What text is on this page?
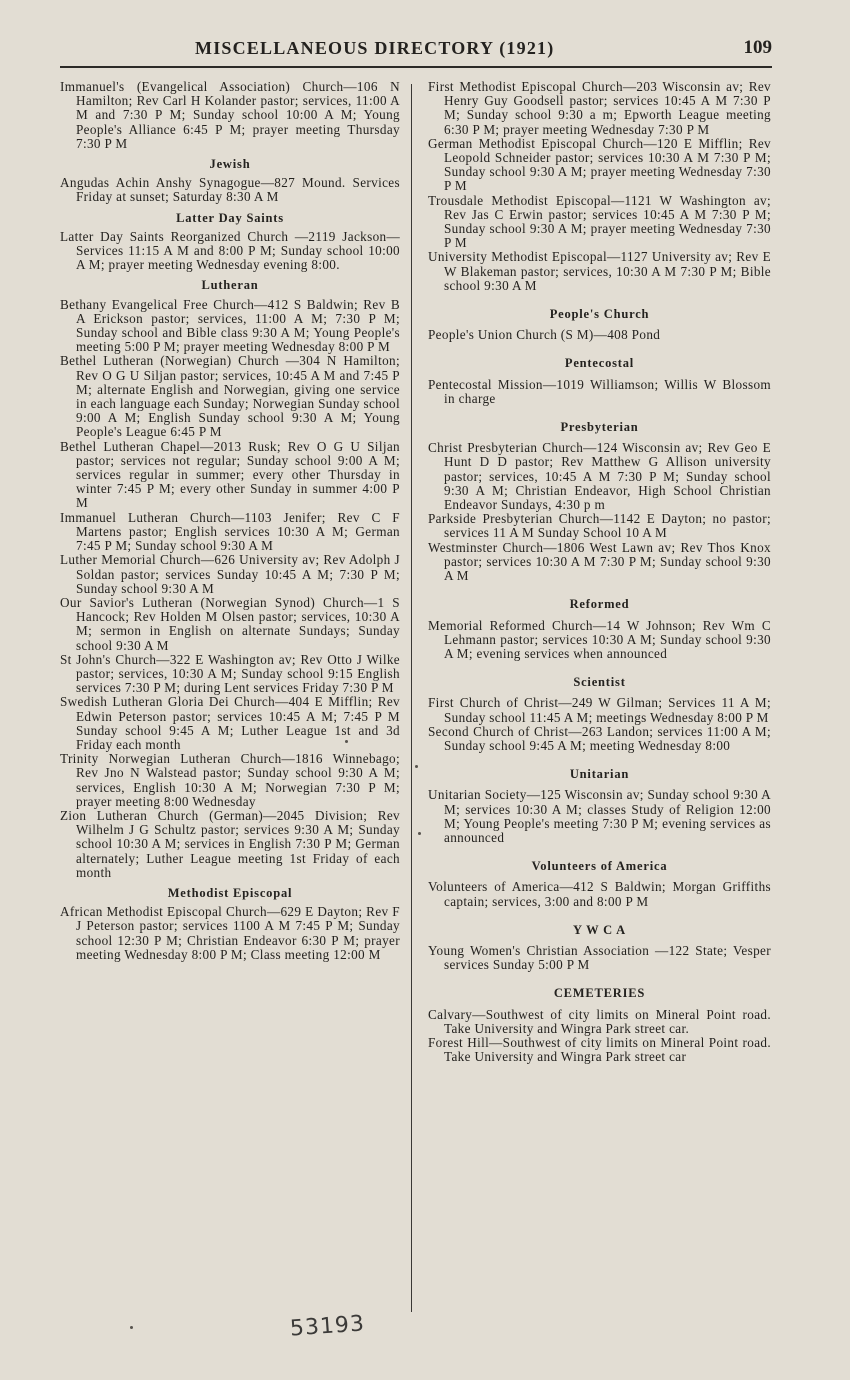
MISCELLANEOUS DIRECTORY (1921)	109
Immanuel's (Evangelical Association) Church—106 N Hamilton; Rev Carl H Kolander pastor; services, 11:00 A M and 7:30 P M; Sunday school 10:00 A M; Young People's Alliance 6:45 P M; prayer meeting Thursday 7:30 P M
Jewish
Angudas Achin Anshy Synagogue—827 Mound. Services Friday at sunset; Saturday 8:30 A M
Latter Day Saints
Latter Day Saints Reorganized Church —2119 Jackson—Services 11:15 A M and 8:00 P M; Sunday school 10:00 A M; prayer meeting Wednesday evening 8:00.
Lutheran
Bethany Evangelical Free Church—412 S Baldwin; Rev B A Erickson pastor; services, 11:00 A M; 7:30 P M; Sunday school and Bible class 9:30 A M; Young People's meeting 5:00 P M; prayer meeting Wednesday 8:00 P M
Bethel Lutheran (Norwegian) Church —304 N Hamilton; Rev O G U Siljan pastor; services, 10:45 A M and 7:45 P M; alternate English and Norwegian, giving one service in each language each Sunday; Norwegian Sunday school 9:00 A M; English Sunday school 9:30 A M; Young People's League 6:45 P M
Bethel Lutheran Chapel—2013 Rusk; Rev O G U Siljan pastor; services not regular; Sunday school 9:00 A M; services regular in summer; every other Thursday in winter 7:45 P M; every other Sunday in summer 4:00 P M
Immanuel Lutheran Church—1103 Jenifer; Rev C F Martens pastor; English services 10:30 A M; German 7:45 P M; Sunday school 9:30 A M
Luther Memorial Church—626 University av; Rev Adolph J Soldan pastor; services Sunday 10:45 A M; 7:30 P M; Sunday school 9:30 A M
Our Savior's Lutheran (Norwegian Synod) Church—1 S Hancock; Rev Holden M Olsen pastor; services, 10:30 A M; sermon in English on alternate Sundays; Sunday school 9:30 A M
St John's Church—322 E Washington av; Rev Otto J Wilke pastor; services, 10:30 A M; Sunday school 9:15 English services 7:30 P M; during Lent services Friday 7:30 P M
Swedish Lutheran Gloria Dei Church—404 E Mifflin; Rev Edwin Peterson pastor; services 10:45 A M; 7:45 P M Sunday school 9:45 A M; Luther League 1st and 3d Friday each month
Trinity Norwegian Lutheran Church—1816 Winnebago; Rev Jno N Walstead pastor; Sunday school 9:30 A M; services, English 10:30 A M; Norwegian 7:30 P M; prayer meeting 8:00 Wednesday
Zion Lutheran Church (German)—2045 Division; Rev Wilhelm J G Schultz pastor; services 9:30 A M; Sunday school 10:30 A M; services in English 7:30 P M; German alternately; Luther League meeting 1st Friday of each month
Methodist Episcopal
African Methodist Episcopal Church—629 E Dayton; Rev F J Peterson pastor; services 1100 A M 7:45 P M; Sunday school 12:30 P M; Christian Endeavor 6:30 P M; prayer meeting Wednesday 8:00 P M; Class meeting 12:00 M
First Methodist Episcopal Church—203 Wisconsin av; Rev Henry Guy Goodsell pastor; services 10:45 A M 7:30 P M; Sunday school 9:30 a m; Epworth League meeting 6:30 P M; prayer meeting Wednesday 7:30 P M
German Methodist Episcopal Church—120 E Mifflin; Rev Leopold Schneider pastor; services 10:30 A M 7:30 P M; Sunday school 9:30 A M; prayer meeting Wednesday 7:30 P M
Trousdale Methodist Episcopal—1121 W Washington av; Rev Jas C Erwin pastor; services 10:45 A M 7:30 P M; Sunday school 9:30 A M; prayer meeting Wednesday 7:30 P M
University Methodist Episcopal—1127 University av; Rev E W Blakeman pastor; services, 10:30 A M 7:30 P M; Bible school 9:30 A M
People's Church
People's Union Church (S M)—408 Pond
Pentecostal
Pentecostal Mission—1019 Williamson; Willis W Blossom in charge
Presbyterian
Christ Presbyterian Church—124 Wisconsin av; Rev Geo E Hunt D D pastor; Rev Matthew G Allison university pastor; services, 10:45 A M 7:30 P M; Sunday school 9:30 A M; Christian Endeavor, High School Christian Endeavor Sundays, 4:30 p m
Parkside Presbyterian Church—1142 E Dayton; no pastor; services 11 A M Sunday School 10 A M
Westminster Church—1806 West Lawn av; Rev Thos Knox pastor; services 10:30 A M 7:30 P M; Sunday school 9:30 A M
Reformed
Memorial Reformed Church—14 W Johnson; Rev Wm C Lehmann pastor; services 10:30 A M; Sunday school 9:30 A M; evening services when announced
Scientist
First Church of Christ—249 W Gilman; Services 11 A M; Sunday school 11:45 A M; meetings Wednesday 8:00 P M
Second Church of Christ—263 Landon; services 11:00 A M; Sunday school 9:45 A M; meeting Wednesday 8:00
Unitarian
Unitarian Society—125 Wisconsin av; Sunday school 9:30 A M; services 10:30 A M; classes Study of Religion 12:00 M; Young People's meeting 7:30 P M; evening services as announced
Volunteers of America
Volunteers of America—412 S Baldwin; Morgan Griffiths captain; services, 3:00 and 8:00 P M
Y W C A
Young Women's Christian Association —122 State; Vesper services Sunday 5:00 P M
CEMETERIES
Calvary—Southwest of city limits on Mineral Point road. Take University and Wingra Park street car.
Forest Hill—Southwest of city limits on Mineral Point road. Take University and Wingra Park street car
53193
